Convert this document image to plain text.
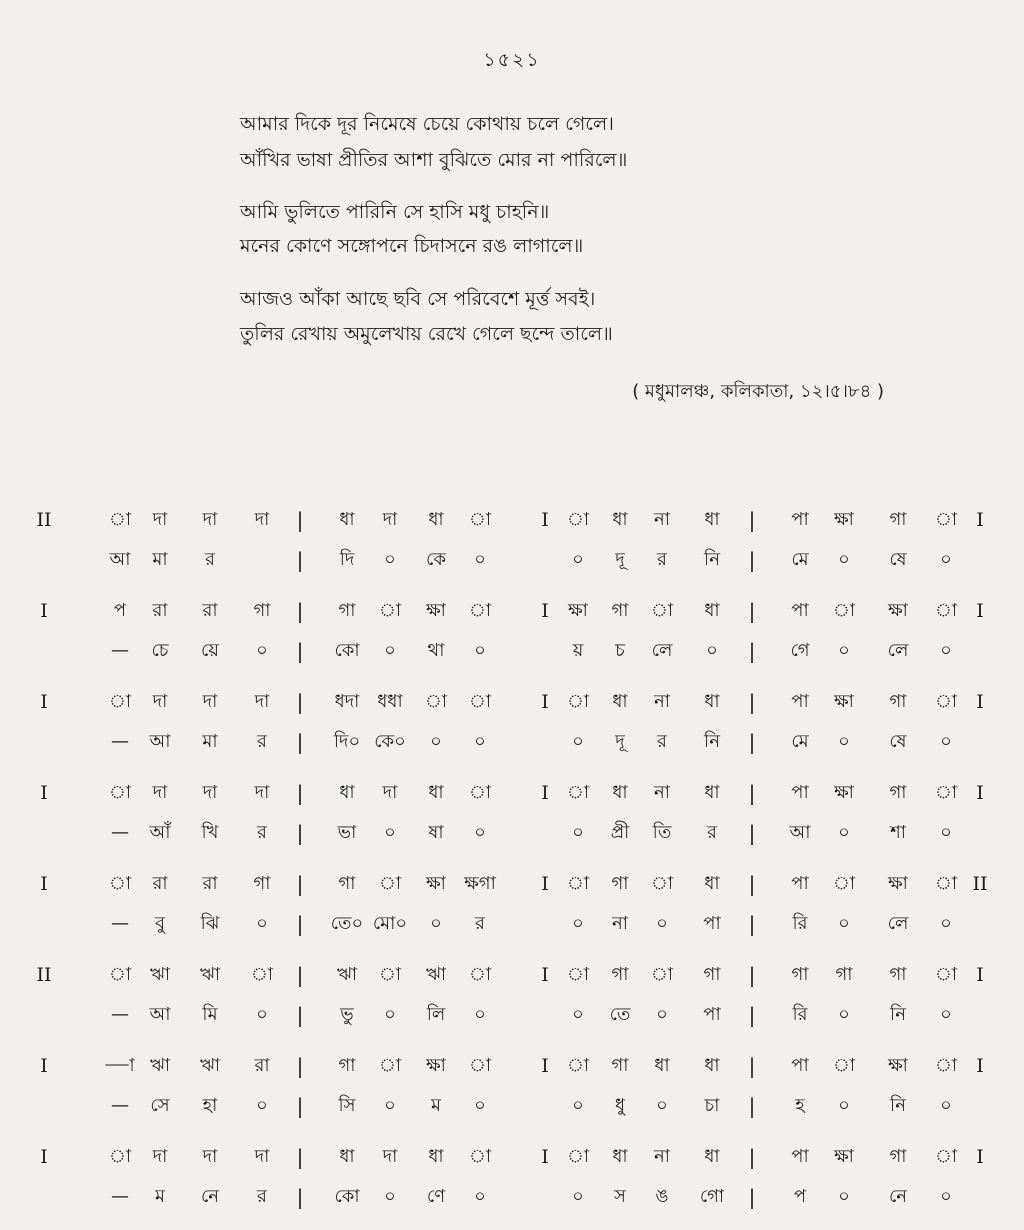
১৫২১
আমার দিকে দূর নিমেষে চেয়ে কোথায় চলে গেলে।
আঁখির ভাষা প্রীতির আশা বুঝিতে মোর না পারিলে॥
আমি ভুলিতে পারিনি সে হাসি মধু চাহনি॥
মনের কোণে সঙ্গোপনে চিদাসনে রঙ লাগালে॥
আজও আঁকা আছে ছবি সে পরিবেশে মূর্ত্ত সবই।
তুলির রেখায় অমুলেখায় রেখে গেলে ছন্দে তালে॥
( মধুমালঞ্চ, কলিকাতা, ১২।৫।৮৪ )
II	া দা দা দা | ধা দা ধা া	I া ধা না ধা | পা ক্ষা গা া I
আ মা র	| দি ০ কে ০	০ দূ র নি | মে ০ ষে ০
I	প রা রা গা | গা া ক্ষা া	I ক্ষা গা া ধা | পা া ক্ষা া I
— চে য়ে ০ | কো ০ থা ০	য় চ লে ০ | গে ০ লে ০
I	া দা দা দা | ধদা ধধা া া	I া ধা না ধা | পা ক্ষা গা া I
— আ মা র | দি০ কে০ ০ ০	০ দূ র নি | মে ০ ষে ০
I	া দা দা দা | ধা দা ধা া	I া ধা না ধা | পা ক্ষা গা া I
— আঁ খি র | ভা ০ ষা ০	০ প্রী তি র | আ ০ শা ০
I	া রা রা গা | গা া ক্ষা ক্ষগা I া গা া ধা | পা া ক্ষা া II
— বু ঝি ০ | তে০ মো০ ০ র	০ না ০ পা | রি ০ লে ০
II	া ঋা ঋা া | ঋা া ঋা া	I া গা া গা | গা গা গা া I
— আ মি ০ | ভু ০ লি ০	০ তে ০ পা | রি ০ নি ০
I	—া ঋা ঋা রা | গা া ক্ষা া	I া গা ধা ধা | পা া ক্ষা া I
— সে হা ০ | সি ০ ম ০	০ ধু ০ চা | হ ০ নি ০
I	া দা দা দা | ধা দা ধা া	I া ধা না ধা | পা ক্ষা গা া I
— ম নে র | কো ০ ণে ০	০ স ঙ গো | প ০ নে ০
